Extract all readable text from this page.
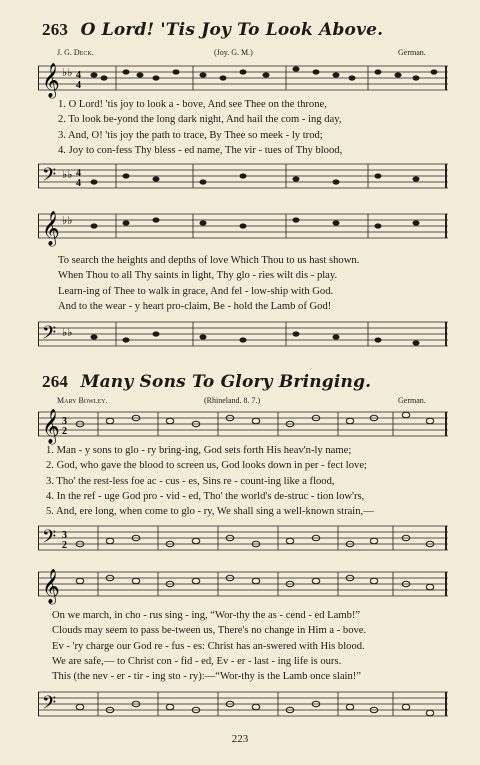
263 O Lord! 'Tis Joy To Look Above.
J. G. Deck.	(Joy. G. M.)	German.
𝄞 ♭♭ 4
4
1. O Lord! 'tis joy to look a - bove, And see Thee on the throne,
2. To look be-yond the long dark night, And hail the com - ing day,
3. And, O! 'tis joy the path to trace, By Thee so meek - ly trod;
4. Joy to con-fess Thy bless - ed name, The vir - tues of Thy blood,
𝄢 ♭♭ 4
4
𝄞 ♭♭
To search the heights and depths of love Which Thou to us hast shown.
When Thou to all Thy saints in light, Thy glo - ries wilt dis - play.
Learn-ing of Thee to walk in grace, And fel - low-ship with God.
And to the wear - y heart pro-claim, Be - hold the Lamb of God!
𝄢 ♭♭
264 Many Sons To Glory Bringing.
Mary Bowley.	(Rhineland. 8. 7.)	German.
𝄞 3
2
1. Man - y sons to glo - ry bring-ing, God sets forth His heav'n-ly name;
2. God, who gave the blood to screen us, God looks down in per - fect love;
3. Tho' the rest-less foe ac - cus - es, Sins re - count-ing like a flood,
4. In the ref - uge God pro - vid - ed, Tho' the world's de-struc - tion low'rs,
5. And, ere long, when come to glo - ry, We shall sing a well-known strain,—
𝄢 3
2
𝄞
On we march, in cho - rus sing - ing, “Wor-thy the as - cend - ed Lamb!”
Clouds may seem to pass be-tween us, There's no change in Him a - bove.
Ev - 'ry charge our God re - fus - es: Christ has an-swered with His blood.
We are safe,— to Christ con - fid - ed, Ev - er - last - ing life is ours.
This (the nev - er - tir - ing sto - ry):—“Wor-thy is the Lamb once slain!”
𝄢
223
